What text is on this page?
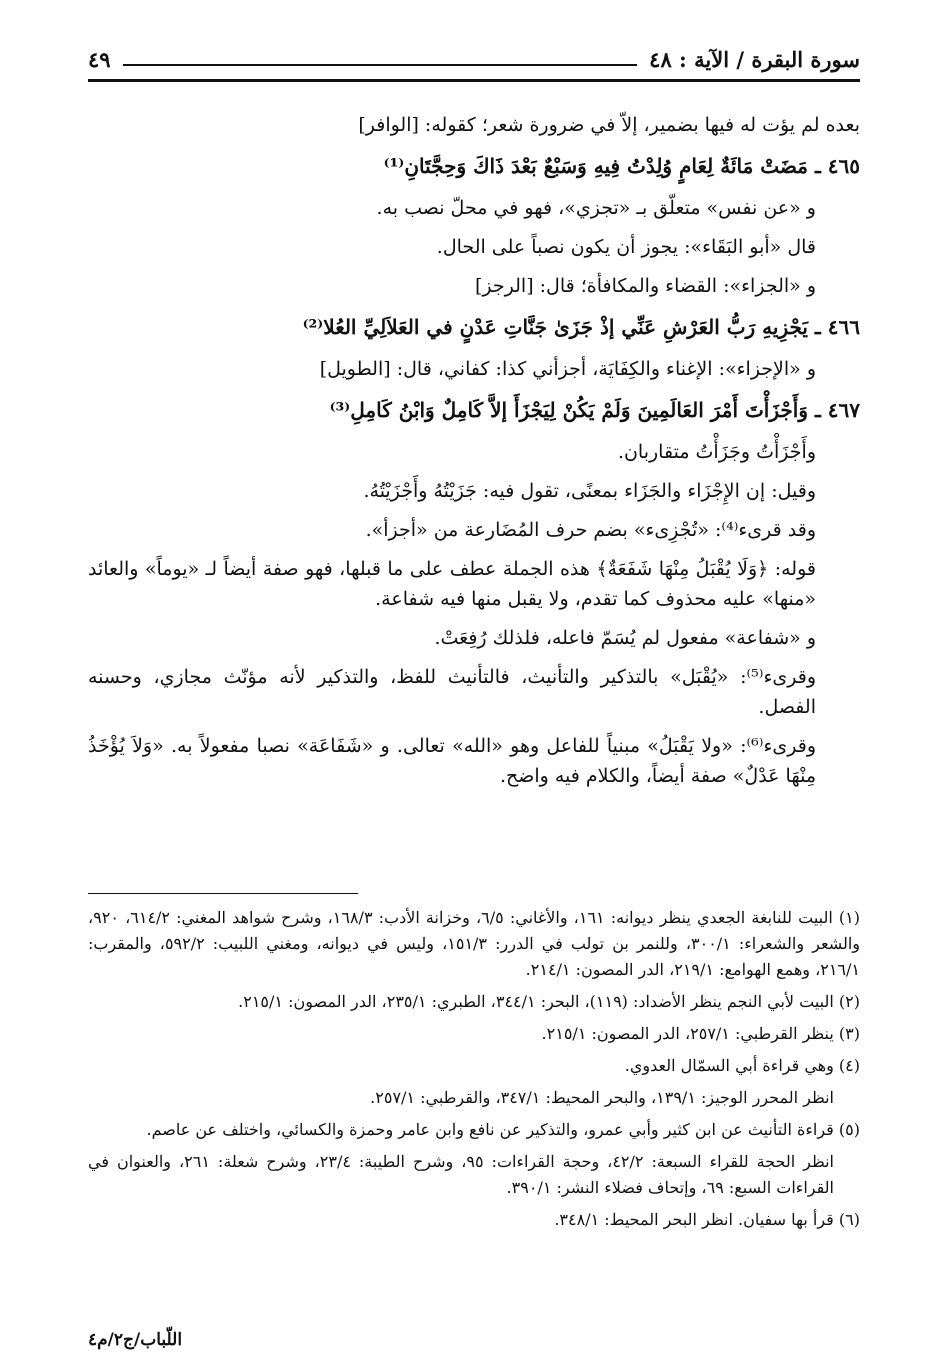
سورة البقرة / الآية : ٤٨
٤٩

بعده لم يؤت له فيها بضمير، إلاّ في ضرورة شعر؛ كقوله: [الوافر]

٤٦٥ ـ مَضَتْ مَائَةٌ لِعَامٍ وُلِدْتُ فِيهِ وَسَبْعٌ بَعْدَ ذَاكَ وَحِجَّتَانِ⁽¹⁾

و «عن نفس» متعلّق بـ «تجزي»، فهو في محلّ نصب به.

قال «أبو البَقَاء»: يجوز أن يكون نصباً على الحال.

و «الجزاء»: القضاء والمكافأة؛ قال: [الرجز]

٤٦٦ ـ يَجْزِيهِ رَبُّ العَرْشِ عَنِّي إذْ جَزَىٰ جَنَّاتِ عَدْنٍ في العَلاَلِيِّ العُلا⁽²⁾

و «الإجزاء»: الإغناء والكِفَايَة، أجزأني كذا: كفاني، قال: [الطويل]

٤٦٧ ـ وَأَجْزَأْتَ أَمْرَ العَالَمِينَ وَلَمْ يَكُنْ لِيَجْزَأَ إلاَّ كَامِلٌ وَابْنُ كَامِلِ⁽³⁾

وأَجْزَأْتُ وجَزَأْتُ متقاربان.

وقيل: إن الإِجْزَاء والجَزَاء بمعنًى، تقول فيه: جَزَيْتُهُ وأَجْزَيْتُهُ.

وقد قرىء⁽⁴⁾: «تُجْزِىء» بضم حرف المُضَارعة من «أجزأ».

قوله: ﴿وَلَا يُقْبَلُ مِنْهَا شَفَعَةٌ﴾ هذه الجملة عطف على ما قبلها، فهو صفة أيضاً لـ «يوماً» والعائد «منها» عليه محذوف كما تقدم، ولا يقبل منها فيه شفاعة.

و «شفاعة» مفعول لم يُسَمّ فاعله، فلذلك رُفِعَتْ.

وقرىء⁽⁵⁾: «يُقْبَل» بالتذكير والتأنيث، فالتأنيث للفظ، والتذكير لأنه مؤنّث مجازي، وحسنه الفصل.

وقرىء⁽⁶⁾: «ولا يَقْبَلُ» مبنياً للفاعل وهو «الله» تعالى. و «شَفَاعَة» نصبا مفعولاً به. «وَلاَ يُؤْخَذُ مِنْهَا عَدْلٌ» صفة أيضاً، والكلام فيه واضح.

(١) البيت للنابغة الجعدي ينظر ديوانه: ١٦١، والأغاني: ٦/٥، وخزانة الأدب: ١٦٨/٣، وشرح شواهد المغني: ٦١٤/٢، ٩٢٠، والشعر والشعراء: ٣٠٠/١، وللنمر بن تولب في الدرر: ١٥١/٣، وليس في ديوانه، ومغني اللبيب: ٥٩٢/٢، والمقرب: ٢١٦/١، وهمع الهوامع: ٢١٩/١، الدر المصون: ٢١٤/١.

(٢) البيت لأبي النجم ينظر الأضداد: (١١٩)، البحر: ٣٤٤/١، الطبري: ٢٣٥/١، الدر المصون: ٢١٥/١.

(٣) ينظر القرطبي: ٢٥٧/١، الدر المصون: ٢١٥/١.

(٤) وهي قراءة أبي السمّال العدوي.

انظر المحرر الوجيز: ١٣٩/١، والبحر المحيط: ٣٤٧/١، والقرطبي: ٢٥٧/١.

(٥) قراءة التأنيث عن ابن كثير وأبي عمرو، والتذكير عن نافع وابن عامر وحمزة والكسائي، واختلف عن عاصم.

انظر الحجة للقراء السبعة: ٤٢/٢، وحجة القراءات: ٩٥، وشرح الطيبة: ٢٣/٤، وشرح شعلة: ٢٦١، والعنوان في القراءات السبع: ٦٩، وإتحاف فضلاء النشر: ٣٩٠/١.

(٦) قرأ بها سفيان. انظر البحر المحيط: ٣٤٨/١.

اللّباب/ج٢/م٤
